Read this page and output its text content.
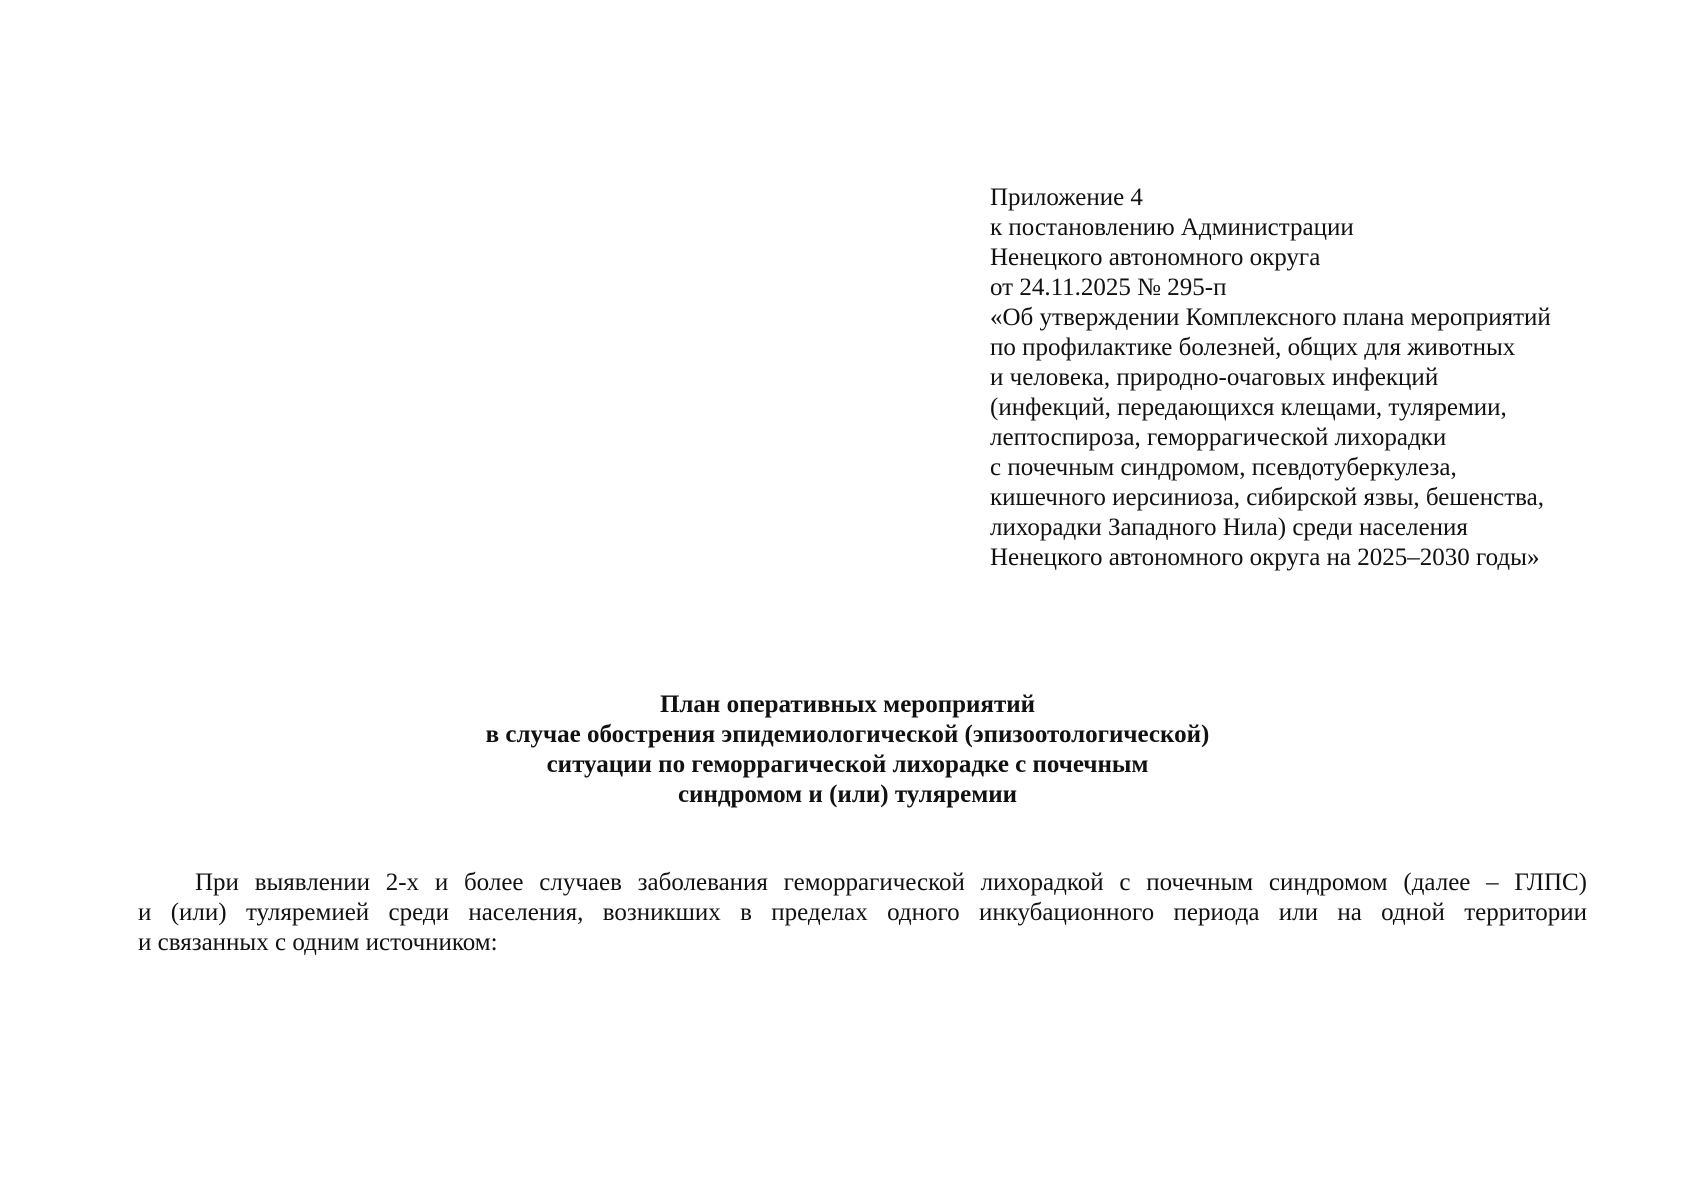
Приложение 4
к постановлению Администрации
Ненецкого автономного округа
от 24.11.2025 № 295-п
«Об утверждении Комплексного плана мероприятий
по профилактике болезней, общих для животных
и человека, природно-очаговых инфекций
(инфекций, передающихся клещами, туляремии,
лептоспироза, геморрагической лихорадки
с почечным синдромом, псевдотуберкулеза,
кишечного иерсиниоза, сибирской язвы, бешенства,
лихорадки Западного Нила) среди населения
Ненецкого автономного округа на 2025–2030 годы»
План оперативных мероприятий
в случае обострения эпидемиологической (эпизоотологической)
ситуации по геморрагической лихорадке с почечным
синдромом и (или) туляремии
При выявлении 2-х и более случаев заболевания геморрагической лихорадкой с почечным синдромом (далее – ГЛПС)
и (или) туляремией среди населения, возникших в пределах одного инкубационного периода или на одной территории
и связанных с одним источником:
